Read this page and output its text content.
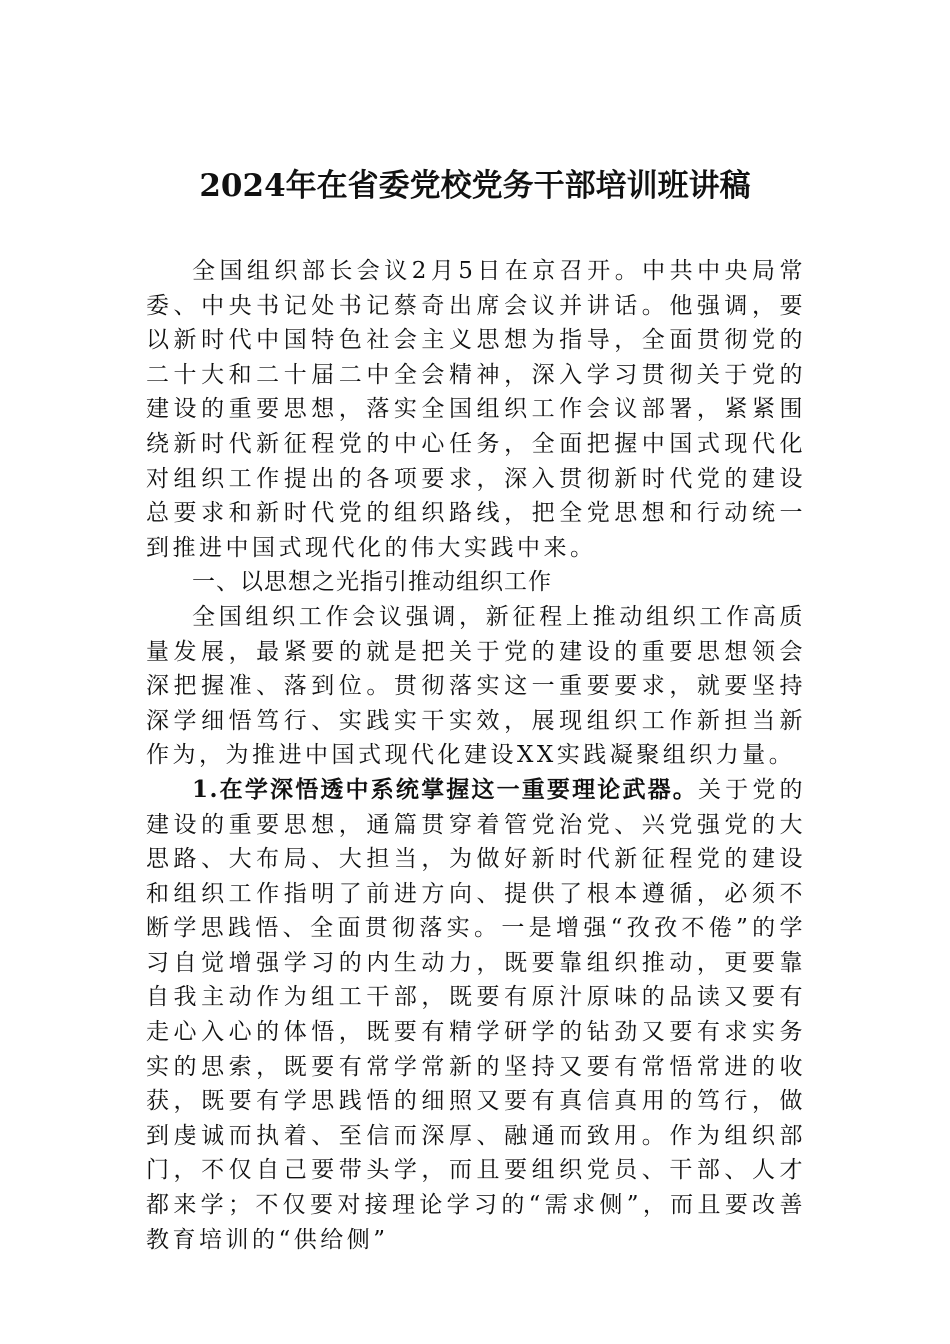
2024年在省委党校党务干部培训班讲稿

全国组织部长会议2月5日在京召开。中共中央局常委、中央书记处书记蔡奇出席会议并讲话。他强调，要以新时代中国特色社会主义思想为指导，全面贯彻党的二十大和二十届二中全会精神，深入学习贯彻关于党的建设的重要思想，落实全国组织工作会议部署，紧紧围绕新时代新征程党的中心任务，全面把握中国式现代化对组织工作提出的各项要求，深入贯彻新时代党的建设总要求和新时代党的组织路线，把全党思想和行动统一到推进中国式现代化的伟大实践中来。

一、以思想之光指引推动组织工作

全国组织工作会议强调，新征程上推动组织工作高质量发展，最紧要的就是把关于党的建设的重要思想领会深把握准、落到位。贯彻落实这一重要要求，就要坚持深学细悟笃行、实践实干实效，展现组织工作新担当新作为，为推进中国式现代化建设XX实践凝聚组织力量。

1.在学深悟透中系统掌握这一重要理论武器。关于党的建设的重要思想，通篇贯穿着管党治党、兴党强党的大思路、大布局、大担当，为做好新时代新征程党的建设和组织工作指明了前进方向、提供了根本遵循，必须不断学思践悟、全面贯彻落实。一是增强“孜孜不倦”的学习自觉增强学习的内生动力，既要靠组织推动，更要靠自我主动作为组工干部，既要有原汁原味的品读又要有走心入心的体悟，既要有精学研学的钻劲又要有求实务实的思索，既要有常学常新的坚持又要有常悟常进的收获，既要有学思践悟的细照又要有真信真用的笃行，做到虔诚而执着、至信而深厚、融通而致用。作为组织部门，不仅自己要带头学，而且要组织党员、干部、人才都来学；不仅要对接理论学习的“需求侧”，而且要改善教育培训的“供给侧”
